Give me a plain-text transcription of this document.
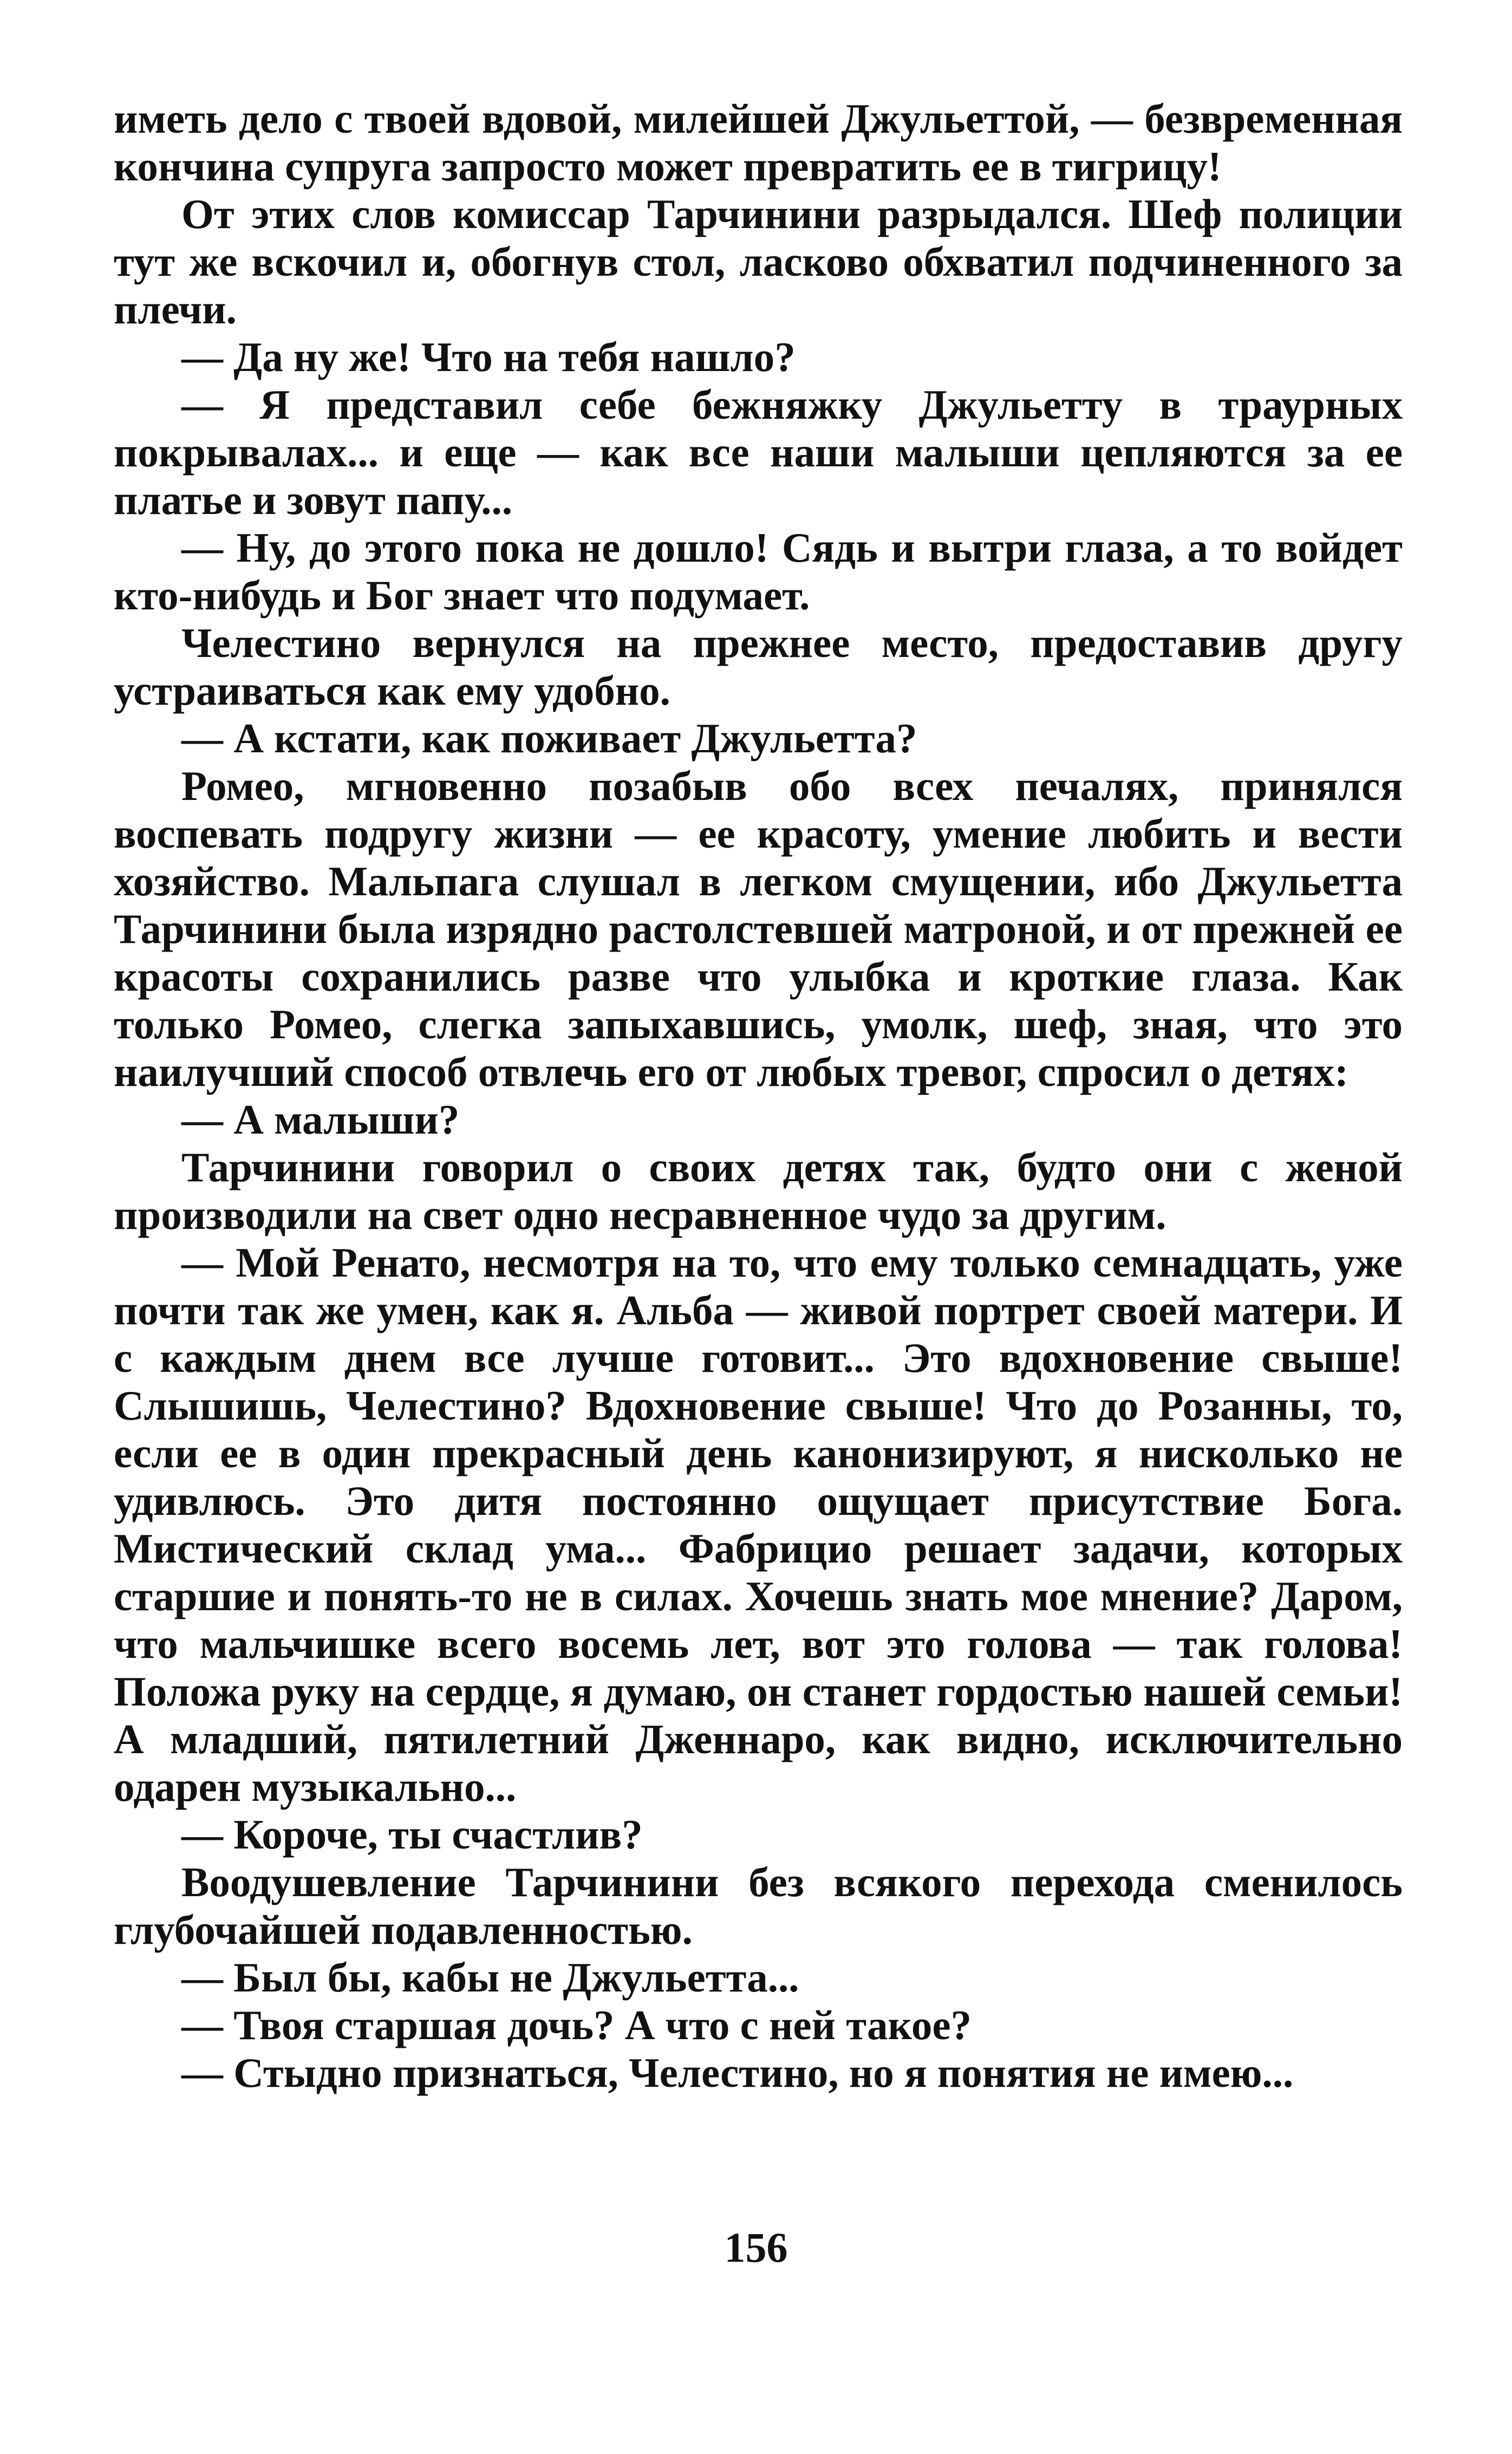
иметь дело с твоей вдовой, милейшей Джульеттой, — безвременная кончина супруга запросто может превратить ее в тигрицу!

От этих слов комиссар Тарчинини разрыдался. Шеф полиции тут же вскочил и, обогнув стол, ласково обхватил подчиненного за плечи.

— Да ну же! Что на тебя нашло?

— Я представил себе бежняжку Джульетту в траурных покрывалах... и еще — как все наши малыши цепляются за ее платье и зовут папу...

— Ну, до этого пока не дошло! Сядь и вытри глаза, а то войдет кто-нибудь и Бог знает что подумает.

Челестино вернулся на прежнее место, предоставив другу устраиваться как ему удобно.

— А кстати, как поживает Джульетта?

Ромео, мгновенно позабыв обо всех печалях, принялся воспевать подругу жизни — ее красоту, умение любить и вести хозяйство. Мальпага слушал в легком смущении, ибо Джульетта Тарчинини была изрядно растолстевшей матроной, и от прежней ее красоты сохранились разве что улыбка и кроткие глаза. Как только Ромео, слегка запыхавшись, умолк, шеф, зная, что это наилучший способ отвлечь его от любых тревог, спросил о детях:

— А малыши?

Тарчинини говорил о своих детях так, будто они с женой производили на свет одно несравненное чудо за другим.

— Мой Ренато, несмотря на то, что ему только семнадцать, уже почти так же умен, как я. Альба — живой портрет своей матери. И с каждым днем все лучше готовит... Это вдохновение свыше! Слышишь, Челестино? Вдохновение свыше! Что до Розанны, то, если ее в один прекрасный день канонизируют, я нисколько не удивлюсь. Это дитя постоянно ощущает присутствие Бога. Мистический склад ума... Фабрицио решает задачи, которых старшие и понять-то не в силах. Хочешь знать мое мнение? Даром, что мальчишке всего восемь лет, вот это голова — так голова! Положа руку на сердце, я думаю, он станет гордостью нашей семьи! А младший, пятилетний Дженнаро, как видно, исключительно одарен музыкально...

— Короче, ты счастлив?

Воодушевление Тарчинини без всякого перехода сменилось глубочайшей подавленностью.

— Был бы, кабы не Джульетта...

— Твоя старшая дочь? А что с ней такое?

— Стыдно признаться, Челестино, но я понятия не имею...

156
